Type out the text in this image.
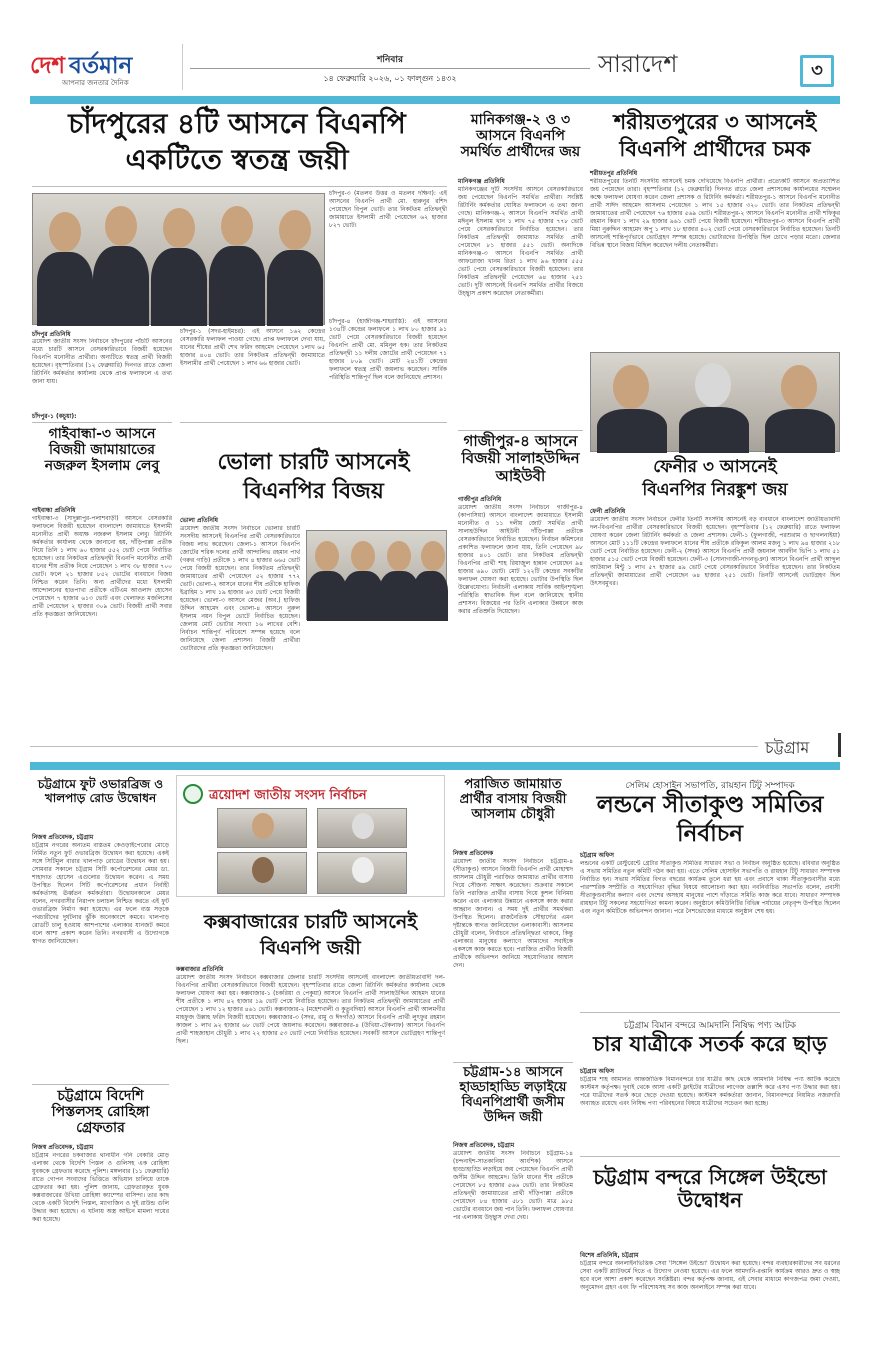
দেশ বর্তমান
আপনার জনতার দৈনিক
শনিবার
১৪ ফেব্রুয়ারি ২০২৬, ০১ ফাল্গুন ১৪৩২
সারাদেশ	৩
চাঁদপুরের ৪টি আসনে বিএনপি
একটিতে স্বতন্ত্র জয়ী
চাঁদপুর প্রতিনিধি
ত্রয়োদশ জাতীয় সংসদ নির্বাচনে চাঁদপুরের পাঁচটি আসনের মধ্যে চারটি আসনে বেসরকারিভাবে বিজয়ী হয়েছেন বিএনপি মনোনীত প্রার্থীরা। অন্যটিতে স্বতন্ত্র প্রার্থী বিজয়ী হয়েছেন। বৃহস্পতিবার (১২ ফেব্রুয়ারি) দিনগত রাতে জেলা রিটার্নিং কর্মকর্তার কার্যালয় থেকে প্রাপ্ত ফলাফলে এ তথ্য জানা যায়।
চাঁদপুর-১ (কচুয়া):
চাঁদপুর-১ (সদর-হাইমচর): এই আসনে ১৬২ কেন্দ্রের বেসরকারি ফলাফল পাওয়া গেছে। প্রাপ্ত ফলাফলে দেখা যায়, ধানের শীষের প্রার্থী শেখ ফরিদ আহমেদ পেয়েছেন ১লাখ ৬৫ হাজার ৪০৪ ভোট। তার নিকটতম প্রতিদ্বন্দ্বী জামায়াতে ইসলামীর প্রার্থী পেয়েছেন ১ লাখ ৬৬ হাজার ভোট।
চাঁদপুর-৩ (মতলব উত্তর ও মতলব দক্ষিণ): এই আসনের বিএনপি প্রার্থী মো. হারুনুর রশিদ পেয়েছেন বিপুল ভোট। তার নিকটতম প্রতিদ্বন্দ্বী জামায়াতে ইসলামী প্রার্থী পেয়েছেন ৬২ হাজার ৮২৭ ভোট।
চাঁদপুর-৪ (হাজীগঞ্জ-শাহরাস্তি): এই আসনের ১৩৪টি কেন্দ্রের ফলাফলে ১ লাখ ৮০ হাজার ৯১ ভোট পেয়ে বেসরকারিভাবে বিজয়ী হয়েছেন বিএনপি প্রার্থী মো. মমিনুল হক। তার নিকটতম প্রতিদ্বন্দ্বী ১১ দলীয় জোটের প্রার্থী পেয়েছেন ৭১ হাজার ৮০৯ ভোট। মোট ২৪১টি কেন্দ্রের ফলাফলে স্বতন্ত্র প্রার্থী জয়লাভ করেছেন। সার্বিক পরিস্থিতি শান্তিপূর্ণ ছিল বলে জানিয়েছে প্রশাসন।
গাইবান্ধা-৩ আসনে বিজয়ী জামায়াতের নজরুল ইসলাম লেবু
গাইবান্ধা প্রতিনিধি
গাইবান্ধা-৩ (সাদুল্লাপুর-পলাশবাড়ী) আসনে বেসরকারি ফলাফলে বিজয়ী হয়েছেন বাংলাদেশ জামায়াতে ইসলামী মনোনীত প্রার্থী অধ্যক্ষ নজরুল ইসলাম লেবু। রিটার্নিং কর্মকর্তার কার্যালয় থেকে জানানো হয়, দাঁড়িপাল্লা প্রতীক নিয়ে তিনি ১ লাখ ৬০ হাজার ৫৫২ ভোট পেয়ে নির্বাচিত হয়েছেন। তার নিকটতম প্রতিদ্বন্দ্বী বিএনপি মনোনীত প্রার্থী ধানের শীষ প্রতীক নিয়ে পেয়েছেন ১ লাখ ৩৮ হাজার ৭০০ ভোট। ফলে ২১ হাজার ৮৫২ ভোটের ব্যবধানে বিজয় নিশ্চিত করেন তিনি। অন্য প্রার্থীদের মধ্যে ইসলামী আন্দোলনের হাতপাখা প্রতীকে এটিএম আওলাদ হোসেন পেয়েছেন ৭ হাজার ৬১৩ ভোট এবং খেলাফত মজলিসের প্রার্থী পেয়েছেন ২ হাজার ৩০৯ ভোট। বিজয়ী প্রার্থী সবার প্রতি কৃতজ্ঞতা জানিয়েছেন।
ভোলা চারটি আসনেই
বিএনপির বিজয়
ভোলা প্রতিনিধি
ত্রয়োদশ জাতীয় সংসদ নির্বাচনে ভোলার চারটি সংসদীয় আসনেই বিএনপির প্রার্থী বেসরকারিভাবে বিজয় লাভ করেছেন। জেলা-১ আসনে বিএনপি জোটের শরিক দলের প্রার্থী আন্দালিভ রহমান পার্থ (গরুর গাড়ি) প্রতীকে ১ লাখ ৪ হাজার ৬৬৫ ভোট পেয়ে বিজয়ী হয়েছেন। তার নিকটতম প্রতিদ্বন্দ্বী জামায়াতের প্রার্থী পেয়েছেন ৫২ হাজার ৭৭২ ভোট। ভোলা-২ আসনে ধানের শীষ প্রতীকে হাফিজ ইব্রাহিম ১ লাখ ১৯ হাজার ৬৩ ভোট পেয়ে বিজয়ী হয়েছেন। ভোলা-৩ আসনে মেজর (অব.) হাফিজ উদ্দিন আহমেদ এবং ভোলা-৪ আসনে নুরুল ইসলাম নয়ন বিপুল ভোটে নির্বাচিত হয়েছেন। জেলায় মোট ভোটার সংখ্যা ১৬ লাখের বেশি। নির্বাচন শান্তিপূর্ণ পরিবেশে সম্পন্ন হয়েছে বলে জানিয়েছে জেলা প্রশাসন। বিজয়ী প্রার্থীরা ভোটারদের প্রতি কৃতজ্ঞতা জানিয়েছেন।
মানিকগঞ্জ-২ ও ৩ আসনে বিএনপি সমর্থিত প্রার্থীদের জয়
মানিকগঞ্জ প্রতিনিধি
মানিকগঞ্জের দুটি সংসদীয় আসনে বেসরকারিভাবে জয় পেয়েছেন বিএনপি সমর্থিত প্রার্থীরা। সংশ্লিষ্ট রিটার্নিং কর্মকর্তার ঘোষিত ফলাফলে এ তথ্য জানা গেছে। মানিকগঞ্জ-২ আসনে বিএনপি সমর্থিত প্রার্থী মঈনুল ইসলাম খান ১ লাখ ৭৫ হাজার ৭৭৮ ভোট পেয়ে বেসরকারিভাবে নির্বাচিত হয়েছেন। তার নিকটতম প্রতিদ্বন্দ্বী জামায়াত সমর্থিত প্রার্থী পেয়েছেন ৮১ হাজার ৫৫১ ভোট। অন্যদিকে মানিকগঞ্জ-৩ আসনে বিএনপি সমর্থিত প্রার্থী আফরোজা খানম রিতা ১ লাখ ৯৬ হাজার ৫৫৫ ভোট পেয়ে বেসরকারিভাবে বিজয়ী হয়েছেন। তার নিকটতম প্রতিদ্বন্দ্বী পেয়েছেন ৬৪ হাজার ২৫১ ভোট। দুটি আসনেই বিএনপি সমর্থিত প্রার্থীর বিজয়ে উচ্ছ্বাস প্রকাশ করেছেন নেতাকর্মীরা।
গাজীপুর-৪ আসনে বিজয়ী সালাহউদ্দিন আইউবী
গাজীপুর প্রতিনিধি
ত্রয়োদশ জাতীয় সংসদ নির্বাচনে গাজীপুর-৪ (কাপাসিয়া) আসনে বাংলাদেশ জামায়াতে ইসলামী মনোনীত ও ১১ দলীয় জোট সমর্থিত প্রার্থী সালাহউদ্দিন আইউবী দাঁড়িপাল্লা প্রতীকে বেসরকারিভাবে নির্বাচিত হয়েছেন। নির্বাচন কমিশনের প্রকাশিত ফলাফলে জানা যায়, তিনি পেয়েছেন ৯৮ হাজার ৪০১ ভোট। তার নিকটতম প্রতিদ্বন্দ্বী বিএনপির প্রার্থী শাহ রিয়াজুল হান্নান পেয়েছেন ৯৪ হাজার ৬৯০ ভোট। মোট ১২২টি কেন্দ্রের সবকটির ফলাফল ঘোষণা করা হয়েছে। ভোটার উপস্থিতি ছিল উল্লেখযোগ্য। নির্বাচনী এলাকায় সার্বিক আইনশৃঙ্খলা পরিস্থিতি স্বাভাবিক ছিল বলে জানিয়েছে স্থানীয় প্রশাসন। বিজয়ের পর তিনি এলাকার উন্নয়নে কাজ করার প্রতিশ্রুতি দিয়েছেন।
শরীয়তপুরের ৩ আসনেই
বিএনপি প্রার্থীদের চমক
শরীয়তপুর প্রতিনিধি
শরীয়তপুরের তিনটি সংসদীয় আসনেই চমক দেখিয়েছে বিএনপি প্রার্থীরা। প্রত্যেকটি আসনে অপ্রত্যাশিত জয় পেয়েছেন তারা। বৃহস্পতিবার (১২ ফেব্রুয়ারি) দিনগত রাতে জেলা প্রশাসকের কার্যালয়ের সম্মেলন কক্ষে ফলাফল ঘোষণা করেন জেলা প্রশাসক ও রিটার্নিং কর্মকর্তা। শরীয়তপুর-১ আসনে বিএনপি মনোনীত প্রার্থী সাঈদ আহমেদ আসলাম পেয়েছেন ১ লাখ ১৫ হাজার ৩২০ ভোট। তার নিকটতম প্রতিদ্বন্দ্বী জামায়াতের প্রার্থী পেয়েছেন ৭৬ হাজার ৫৬৯ ভোট। শরীয়তপুর-২ আসনে বিএনপি মনোনীত প্রার্থী শফিকুর রহমান কিরণ ১ লাখ ২৯ হাজার ৯৬১ ভোট পেয়ে বিজয়ী হয়েছেন। শরীয়তপুর-৩ আসনে বিএনপি প্রার্থী মিয়া নুরুদ্দিন আহমেদ অপু ১ লাখ ১৮ হাজার ৪০২ ভোট পেয়ে বেসরকারিভাবে নির্বাচিত হয়েছেন। তিনটি আসনেই শান্তিপূর্ণভাবে ভোটগ্রহণ সম্পন্ন হয়েছে। ভোটারদের উপস্থিতি ছিল চোখে পড়ার মতো। জেলার বিভিন্ন স্থানে বিজয় মিছিল করেছেন দলীয় নেতাকর্মীরা।
ফেনীর ৩ আসনেই
বিএনপির নিরঙ্কুশ জয়
ফেনী প্রতিনিধি
ত্রয়োদশ জাতীয় সংসদ নির্বাচনে ফেনীর তিনটি সংসদীয় আসনেই বড় ব্যবধানে বাংলাদেশ জাতীয়তাবাদী দল-বিএনপির প্রার্থীরা বেসরকারিভাবে বিজয়ী হয়েছেন। বৃহস্পতিবার (১২ ফেব্রুয়ারি) রাতে ফলাফল ঘোষণা করেন জেলা রিটার্নিং কর্মকর্তা ও জেলা প্রশাসক। ফেনী-১ (ফুলগাজী, পরশুরাম ও ছাগলনাইয়া) আসনে মোট ১১১টি কেন্দ্রের ফলাফলে ধানের শীষ প্রতীকে রফিকুল আলম মজনু ১ লাখ ৯৪ হাজার ২১৮ ভোট পেয়ে নির্বাচিত হয়েছেন। ফেনী-২ (সদর) আসনে বিএনপি প্রার্থী জয়নাল আবদীন ভিপি ১ লাখ ৫১ হাজার ৫১৫ ভোট পেয়ে বিজয়ী হয়েছেন। ফেনী-৩ (সোনাগাজী-দাগনভূঞা) আসনে বিএনপি প্রার্থী আব্দুল আউয়াল মিন্টু ১ লাখ ৫৭ হাজার ৪৯ ভোট পেয়ে বেসরকারিভাবে নির্বাচিত হয়েছেন। তার নিকটতম প্রতিদ্বন্দ্বী জামায়াতের প্রার্থী পেয়েছেন ৬৪ হাজার ২৫১ ভোট। তিনটি আসনেই ভোটগ্রহণ ছিল উৎসবমুখর।
চট্টগ্রাম
চট্টগ্রামে ফুট ওভারব্রিজ ও খালপাড় রোড উদ্বোধন
নিজস্ব প্রতিবেদক, চট্টগ্রাম
চট্টগ্রাম নগরের অন্যতম ব্যস্ততম কেওড়াইপেরোর মোড়ে নির্মিত নতুন ফুট ওভারব্রিজ উদ্বোধন করা হয়েছে। একই সঙ্গে সিটিমুল বারার খালপাড় রোডের উদ্বোধন করা হয়। সোমবার সকালে চট্টগ্রাম সিটি কর্পোরেশনের মেয়র ডা. শাহাদাত হোসেন এগুলোর উদ্বোধন করেন। এ সময় উপস্থিত ছিলেন সিটি কর্পোরেশনের প্রধান নির্বাহী কর্মকর্তাসহ ঊর্ধ্বতন কর্মকর্তারা। উদ্বোধনকালে মেয়র বলেন, নগরবাসীর নিরাপদ চলাচল নিশ্চিত করতে এই ফুট ওভারব্রিজ নির্মাণ করা হয়েছে। এর ফলে ব্যস্ত সড়কে পথচারীদের দুর্ঘটনার ঝুঁকি অনেকাংশে কমবে। খালপাড় রোডটি চালু হওয়ায় আশপাশের এলাকার যানজট কমবে বলে আশা প্রকাশ করেন তিনি। নগরবাসী এ উদ্যোগকে স্বাগত জানিয়েছেন।
চট্টগ্রামে বিদেশি পিস্তলসহ রোহিঙ্গা গ্রেফতার
নিজস্ব প্রতিবেদক, চট্টগ্রাম
চট্টগ্রাম নগরের চকবাজার থানাধীন গনি বেকারি মোড় এলাকা থেকে বিদেশি পিস্তল ও গুলিসহ এক রোহিঙ্গা যুবককে গ্রেফতার করেছে পুলিশ। মঙ্গলবার (১১ ফেব্রুয়ারি) রাতে গোপন সংবাদের ভিত্তিতে অভিযান চালিয়ে তাকে গ্রেফতার করা হয়। পুলিশ জানায়, গ্রেফতারকৃত যুবক কক্সবাজারের উখিয়া রোহিঙ্গা ক্যাম্পের বাসিন্দা। তার কাছ থেকে একটি বিদেশি পিস্তল, ম্যাগাজিন ও দুই রাউন্ড গুলি উদ্ধার করা হয়েছে। এ ঘটনায় অস্ত্র আইনে মামলা দায়ের করা হয়েছে।
ত্রয়োদশ জাতীয় সংসদ নির্বাচন
কক্সবাজারের চারটি আসনেই
বিএনপি জয়ী
কক্সবাজার প্রতিনিধি
ত্রয়োদশ জাতীয় সংসদ নির্বাচনে কক্সবাজার জেলার চারটি সংসদীয় আসনেই বাংলাদেশ জাতীয়তাবাদী দল-বিএনপির প্রার্থীরা বেসরকারিভাবে বিজয়ী হয়েছেন। বৃহস্পতিবার রাতে জেলা রিটার্নিং কর্মকর্তার কার্যালয় থেকে ফলাফল ঘোষণা করা হয়। কক্সবাজার-১ (চকরিয়া ও পেকুয়া) আসনে বিএনপি প্রার্থী সালাহউদ্দিন আহমদ ধানের শীষ প্রতীকে ১ লাখ ৪২ হাজার ১৯ ভোট পেয়ে নির্বাচিত হয়েছেন। তার নিকটতম প্রতিদ্বন্দ্বী জামায়াতের প্রার্থী পেয়েছেন ১ লাখ ১২ হাজার ৪৬১ ভোট। কক্সবাজার-২ (মহেশখালী ও কুতুবদিয়া) আসনে বিএনপি প্রার্থী আলমগীর মাহফুজ উল্লাহ ফরিদ বিজয়ী হয়েছেন। কক্সবাজার-৩ (সদর, রামু ও ঈদগাঁও) আসনে বিএনপি প্রার্থী লুৎফুর রহমান কাজল ১ লাখ ৯২ হাজার ৬৮ ভোট পেয়ে জয়লাভ করেছেন। কক্সবাজার-৪ (উখিয়া-টেকনাফ) আসনে বিএনপি প্রার্থী শাহজাহান চৌধুরী ১ লাখ ২২ হাজার ৫৩ ভোট পেয়ে নির্বাচিত হয়েছেন। সবকটি আসনে ভোটগ্রহণ শান্তিপূর্ণ ছিল।
পরাজিত জামায়াত প্রার্থীর বাসায় বিজয়ী আসলাম চৌধুরী
নিজস্ব প্রতিবেদক
ত্রয়োদশ জাতীয় সংসদ নির্বাচনে চট্টগ্রাম-৪ (সীতাকুণ্ড) আসনে বিজয়ী বিএনপি প্রার্থী মোহাম্মদ আসলাম চৌধুরী পরাজিত জামায়াত প্রার্থীর বাসায় গিয়ে সৌজন্য সাক্ষাৎ করেছেন। শুক্রবার সকালে তিনি পরাজিত প্রার্থীর বাসায় গিয়ে কুশল বিনিময় করেন এবং এলাকার উন্নয়নে একসঙ্গে কাজ করার আহ্বান জানান। এ সময় দুই প্রার্থীর সমর্থকরা উপস্থিত ছিলেন। রাজনৈতিক সৌহার্দ্যের এমন দৃষ্টান্তকে স্বাগত জানিয়েছেন এলাকাবাসী। আসলাম চৌধুরী বলেন, নির্বাচনে প্রতিদ্বন্দ্বিতা থাকবে, কিন্তু এলাকার মানুষের কল্যাণে আমাদের সবাইকে একসঙ্গে কাজ করতে হবে। পরাজিত প্রার্থীও বিজয়ী প্রার্থীকে অভিনন্দন জানিয়ে সহযোগিতার আশ্বাস দেন।
চট্টগ্রাম-১৪ আসনে হাড্ডাহাড্ডি লড়াইয়ে বিএনপিপ্রার্থী জসীম উদ্দিন জয়ী
নিজস্ব প্রতিবেদক, চট্টগ্রাম
ত্রয়োদশ জাতীয় সংসদ নির্বাচনে চট্টগ্রাম-১৪ (চন্দনাইশ-সাতকানিয়া আংশিক) আসনে হাড্ডাহাড্ডি লড়াইয়ে জয় পেয়েছেন বিএনপি প্রার্থী জসীম উদ্দিন আহমেদ। তিনি ধানের শীষ প্রতীকে পেয়েছেন ৮৫ হাজার ৫৬৬ ভোট। তার নিকটতম প্রতিদ্বন্দ্বী জামায়াতের প্রার্থী দাঁড়িপাল্লা প্রতীকে পেয়েছেন ৮৪ হাজার ৫৮১ ভোট। মাত্র ৯৮৫ ভোটের ব্যবধানে জয় পান তিনি। ফলাফল ঘোষণার পর এলাকায় উচ্ছ্বাস দেখা দেয়।
সেলিম হোসাইন সভাপতি, রায়হান টিটু সম্পাদক
লন্ডনে সীতাকুণ্ড সমিতির
নির্বাচন
চট্টগ্রাম অফিস
লন্ডনের একটি রেস্টুরেন্টে গ্রেটার সীতাকুণ্ড সমিতির সাধারণ সভা ও নির্বাচন অনুষ্ঠিত হয়েছে। রবিবার অনুষ্ঠিত এ সভায় সমিতির নতুন কমিটি গঠন করা হয়। এতে সেলিম হোসাইন সভাপতি ও রায়হান টিটু সাধারণ সম্পাদক নির্বাচিত হন। সভায় সমিতির বিগত বছরের কার্যক্রম তুলে ধরা হয় এবং প্রবাসে থাকা সীতাকুণ্ডবাসীর মধ্যে পারস্পরিক সম্প্রীতি ও সহযোগিতা বৃদ্ধির বিষয়ে আলোচনা করা হয়। নবনির্বাচিত সভাপতি বলেন, প্রবাসী সীতাকুণ্ডবাসীর কল্যাণ এবং দেশের অসহায় মানুষের পাশে দাঁড়াতে সমিতি কাজ করে যাবে। সাধারণ সম্পাদক রায়হান টিটু সকলের সহযোগিতা কামনা করেন। অনুষ্ঠানে কমিউনিটির বিভিন্ন পর্যায়ের নেতৃবৃন্দ উপস্থিত ছিলেন এবং নতুন কমিটিকে অভিনন্দন জানান। পরে নৈশভোজের মাধ্যমে অনুষ্ঠান শেষ হয়।
চট্টগ্রাম বিমান বন্দরে আমদানি নিষিদ্ধ পণ্য আটক
চার যাত্রীকে সতর্ক করে ছাড়
চট্টগ্রাম অফিস
চট্টগ্রাম শাহ আমানত আন্তর্জাতিক বিমানবন্দরে চার যাত্রীর কাছ থেকে আমদানি নিষিদ্ধ পণ্য আটক করেছে কাস্টমস কর্তৃপক্ষ। দুবাই থেকে আসা একটি ফ্লাইটের যাত্রীদের লাগেজ তল্লাশি করে এসব পণ্য উদ্ধার করা হয়। পরে যাত্রীদের সতর্ক করে ছেড়ে দেওয়া হয়েছে। কাস্টমস কর্মকর্তারা জানান, বিমানবন্দরে নিয়মিত নজরদারি অব্যাহত রয়েছে এবং নিষিদ্ধ পণ্য পরিবহনের বিষয়ে যাত্রীদের সচেতন করা হচ্ছে।
চট্টগ্রাম বন্দরে সিঙ্গেল উইন্ডো উদ্বোধন
বিশেষ প্রতিনিধি, চট্টগ্রাম
চট্টগ্রাম বন্দরে অনলাইনভিত্তিক সেবা 'সিঙ্গেল উইন্ডো' উদ্বোধন করা হয়েছে। বন্দর ব্যবহারকারীদের সব ধরনের সেবা একটি প্ল্যাটফর্মে দিতে এ উদ্যোগ নেওয়া হয়েছে। এর ফলে আমদানি-রপ্তানি কার্যক্রম আরও দ্রুত ও স্বচ্ছ হবে বলে আশা প্রকাশ করেছেন সংশ্লিষ্টরা। বন্দর কর্তৃপক্ষ জানায়, এই সেবার মাধ্যমে কাগজপত্র জমা দেওয়া, অনুমোদন গ্রহণ এবং ফি পরিশোধসহ সব কাজ অনলাইনে সম্পন্ন করা যাবে।
